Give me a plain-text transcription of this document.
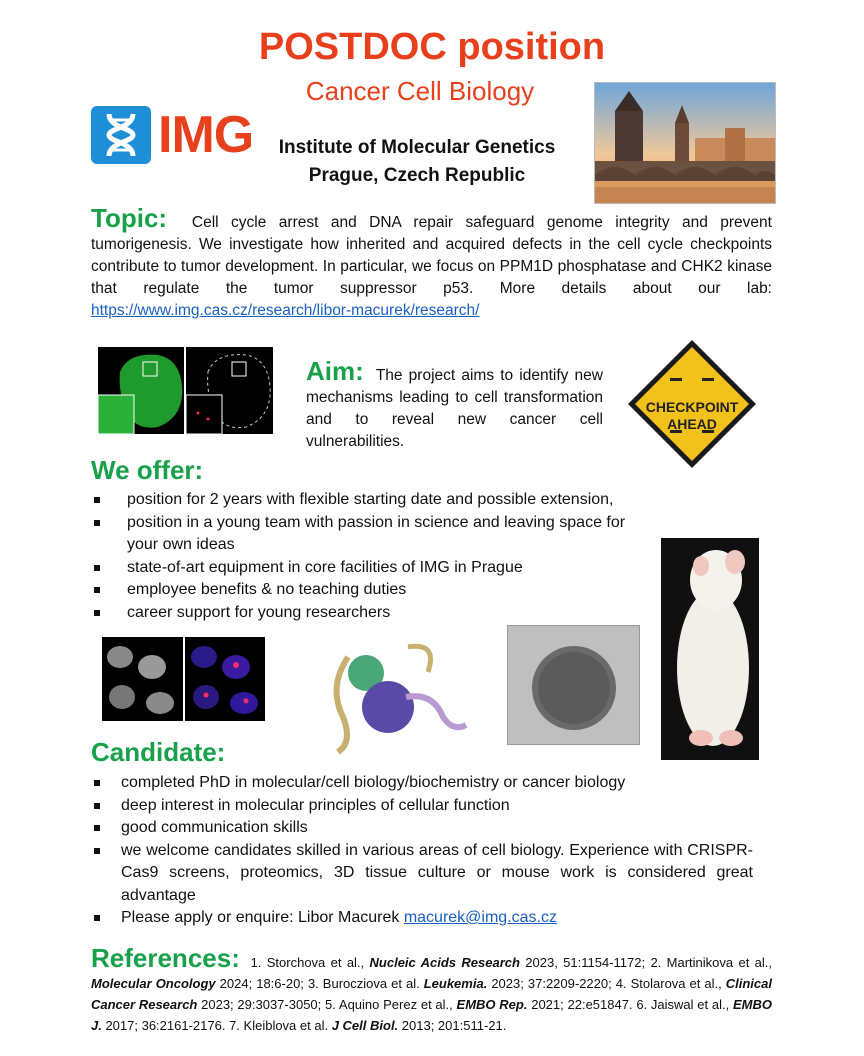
POSTDOC position
Cancer Cell Biology
IMG	Institute of Molecular Genetics
Prague, Czech Republic
Topic: Cell cycle arrest and DNA repair safeguard genome integrity and prevent tumorigenesis. We investigate how inherited and acquired defects in the cell cycle checkpoints contribute to tumor development. In particular, we focus on PPM1D phosphatase and CHK2 kinase that regulate the tumor suppressor p53. More details about our lab: https://www.img.cas.cz/research/libor-macurek/research/
Aim: The project aims to identify new mechanisms leading to cell transformation and to reveal new cancer cell vulnerabilities.
CHECKPOINT
AHEAD
We offer:
position for 2 years with flexible starting date and possible extension,
position in a young team with passion in science and leaving space for your own ideas
state-of-art equipment in core facilities of IMG in Prague
employee benefits & no teaching duties
career support for young researchers
Candidate:
completed PhD in molecular/cell biology/biochemistry or cancer biology
deep interest in molecular principles of cellular function
good communication skills
we welcome candidates skilled in various areas of cell biology. Experience with CRISPR-Cas9 screens, proteomics, 3D tissue culture or mouse work is considered great advantage
Please apply or enquire: Libor Macurek macurek@img.cas.cz
References: 1. Storchova et al., Nucleic Acids Research 2023, 51:1154-1172; 2. Martinikova et al., Molecular Oncology 2024; 18:6-20; 3. Burocziova et al. Leukemia. 2023; 37:2209-2220; 4. Stolarova et al., Clinical Cancer Research 2023; 29:3037-3050; 5. Aquino Perez et al., EMBO Rep. 2021; 22:e51847. 6. Jaiswal et al., EMBO J. 2017; 36:2161-2176. 7. Kleiblova et al. J Cell Biol. 2013; 201:511-21.
